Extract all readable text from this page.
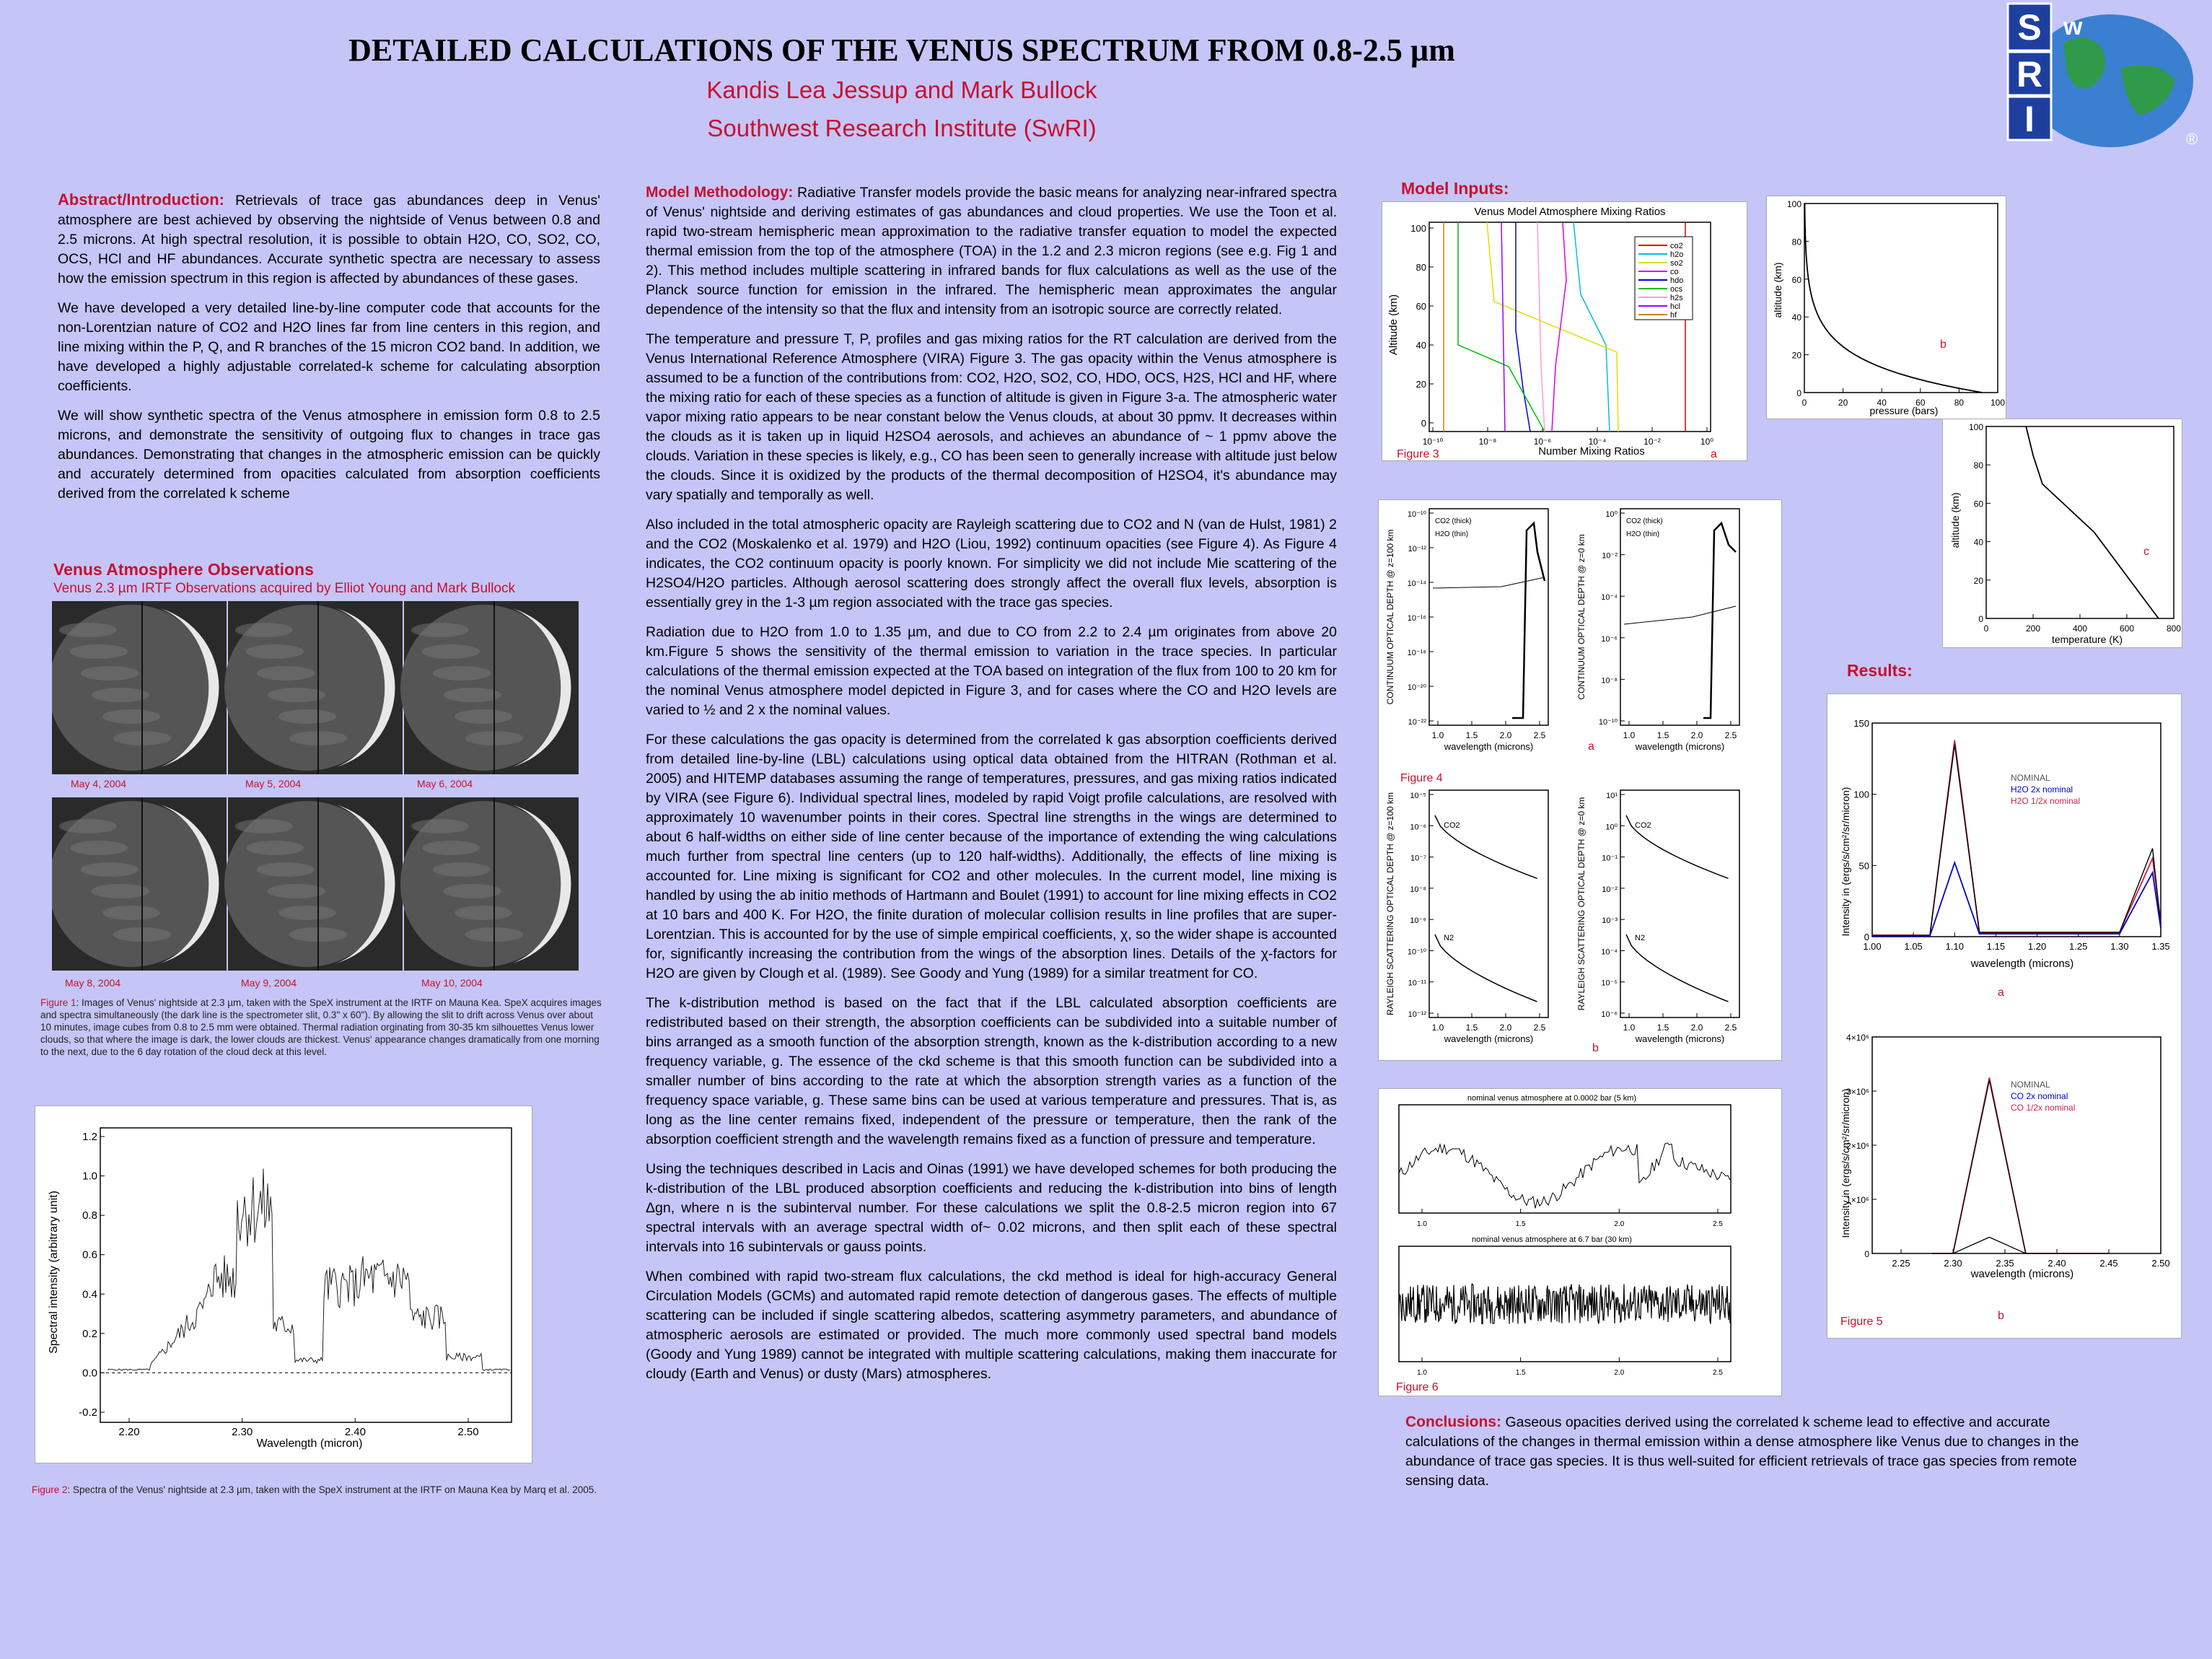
DETAILED CALCULATIONS OF THE VENUS SPECTRUM FROM 0.8-2.5 µm
Kandis Lea Jessup and Mark Bullock
Southwest Research Institute (SwRI)
S
R
I
w
®

Abstract/Introduction: Retrievals of trace gas abundances deep in Venus' atmosphere are best achieved by observing the nightside of Venus between 0.8 and 2.5 microns. At high spectral resolution, it is possible to obtain H2O, CO, SO2, CO, OCS, HCl and HF abundances. Accurate synthetic spectra are necessary to assess how the emission spectrum in this region is affected by abundances of these gases.

We have developed a very detailed line-by-line computer code that accounts for the non-Lorentzian nature of CO2 and H2O lines far from line centers in this region, and line mixing within the P, Q, and R branches of the 15 micron CO2 band. In addition, we have developed a highly adjustable correlated-k scheme for calculating absorption coefficients.

We will show synthetic spectra of the Venus atmosphere in emission form 0.8 to 2.5 microns, and demonstrate the sensitivity of outgoing flux to changes in trace gas abundances. Demonstrating that changes in the atmospheric emission can be quickly and accurately determined from opacities calculated from absorption coefficients derived from the correlated k scheme

Venus Atmosphere Observations
Venus 2.3 µm IRTF Observations acquired by Elliot Young and Mark Bullock
May 4, 2004	May 5, 2004	May 6, 2004
May 8, 2004	May 9, 2004	May 10, 2004
Figure 1: Images of Venus' nightside at 2.3 µm, taken with the SpeX instrument at the IRTF on Mauna Kea. SpeX acquires images and spectra simultaneously (the dark line is the spectrometer slit, 0.3" x 60"). By allowing the slit to drift across Venus over about 10 minutes, image cubes from 0.8 to 2.5 mm were obtained. Thermal radiation orginating from 30-35 km silhouettes Venus lower clouds, so that where the image is dark, the lower clouds are thickest. Venus' appearance changes dramatically from one morning to the next, due to the 6 day rotation of the cloud deck at this level.
Spectral intensity (arbitrary unit)
Wavelength (micron)
1.2
1.0
0.8
0.6
0.4
0.2
0.0
-0.2
2.20	2.30	2.40	2.50
Figure 2: Spectra of the Venus' nightside at 2.3 µm, taken with the SpeX instrument at the IRTF on Mauna Kea by Marq et al. 2005.

Model Methodology: Radiative Transfer models provide the basic means for analyzing near-infrared spectra of Venus' nightside and deriving estimates of gas abundances and cloud properties. We use the Toon et al. rapid two-stream hemispheric mean approximation to the radiative transfer equation to model the expected thermal emission from the top of the atmosphere (TOA) in the 1.2 and 2.3 micron regions (see e.g. Fig 1 and 2). This method includes multiple scattering in infrared bands for flux calculations as well as the use of the Planck source function for emission in the infrared. The hemispheric mean approximates the angular dependence of the intensity so that the flux and intensity from an isotropic source are correctly related.

The temperature and pressure T, P, profiles and gas mixing ratios for the RT calculation are derived from the Venus International Reference Atmosphere (VIRA) Figure 3. The gas opacity within the Venus atmosphere is assumed to be a function of the contributions from: CO2, H2O, SO2, CO, HDO, OCS, H2S, HCl and HF, where the mixing ratio for each of these species as a function of altitude is given in Figure 3-a. The atmospheric water vapor mixing ratio appears to be near constant below the Venus clouds, at about 30 ppmv. It decreases within the clouds as it is taken up in liquid H2SO4 aerosols, and achieves an abundance of ~ 1 ppmv above the clouds. Variation in these species is likely, e.g., CO has been seen to generally increase with altitude just below the clouds. Since it is oxidized by the products of the thermal decomposition of H2SO4, it's abundance may vary spatially and temporally as well.

Also included in the total atmospheric opacity are Rayleigh scattering due to CO2 and N (van de Hulst, 1981) 2 and the CO2 (Moskalenko et al. 1979) and H2O (Liou, 1992) continuum opacities (see Figure 4). As Figure 4 indicates, the CO2 continuum opacity is poorly known. For simplicity we did not include Mie scattering of the H2SO4/H2O particles. Although aerosol scattering does strongly affect the overall flux levels, absorption is essentially grey in the 1-3 µm region associated with the trace gas species.

Radiation due to H2O from 1.0 to 1.35 µm, and due to CO from 2.2 to 2.4 µm originates from above 20 km.Figure 5 shows the sensitivity of the thermal emission to variation in the trace species. In particular calculations of the thermal emission expected at the TOA based on integration of the flux from 100 to 20 km for the nominal Venus atmosphere model depicted in Figure 3, and for cases where the CO and H2O levels are varied to ½ and 2 x the nominal values.

For these calculations the gas opacity is determined from the correlated k gas absorption coefficients derived from detailed line-by-line (LBL) calculations using optical data obtained from the HITRAN (Rothman et al. 2005) and HITEMP databases assuming the range of temperatures, pressures, and gas mixing ratios indicated by VIRA (see Figure 6). Individual spectral lines, modeled by rapid Voigt profile calculations, are resolved with approximately 10 wavenumber points in their cores. Spectral line strengths in the wings are determined to about 6 half-widths on either side of line center because of the importance of extending the wing calculations much further from spectral line centers (up to 120 half-widths). Additionally, the effects of line mixing is accounted for. Line mixing is significant for CO2 and other molecules. In the current model, line mixing is handled by using the ab initio methods of Hartmann and Boulet (1991) to account for line mixing effects in CO2 at 10 bars and 400 K. For H2O, the finite duration of molecular collision results in line profiles that are super-Lorentzian. This is accounted for by the use of simple empirical coefficients, χ, so the wider shape is accounted for, significantly increasing the contribution from the wings of the absorption lines. Details of the χ-factors for H2O are given by Clough et al. (1989). See Goody and Yung (1989) for a similar treatment for CO.

The k-distribution method is based on the fact that if the LBL calculated absorption coefficients are redistributed based on their strength, the absorption coefficients can be subdivided into a suitable number of bins arranged as a smooth function of the absorption strength, known as the k-distribution according to a new frequency variable, g. The essence of the ckd scheme is that this smooth function can be subdivided into a smaller number of bins according to the rate at which the absorption strength varies as a function of the frequency space variable, g. These same bins can be used at various temperature and pressures. That is, as long as the line center remains fixed, independent of the pressure or temperature, then the rank of the absorption coefficient strength and the wavelength remains fixed as a function of pressure and temperature.

Using the techniques described in Lacis and Oinas (1991) we have developed schemes for both producing the k-distribution of the LBL produced absorption coefficients and reducing the k-distribution into bins of length Δgn, where n is the subinterval number. For these calculations we split the 0.8-2.5 micron region into 67 spectral intervals with an average spectral width of~ 0.02 microns, and then split each of these spectral intervals into 16 subintervals or gauss points.

When combined with rapid two-stream flux calculations, the ckd method is ideal for high-accuracy General Circulation Models (GCMs) and automated rapid remote detection of dangerous gases. The effects of multiple scattering can be included if single scattering albedos, scattering asymmetry parameters, and abundance of atmospheric aerosols are estimated or provided. The much more commonly used spectral band models (Goody and Yung 1989) cannot be integrated with multiple scattering calculations, making them inaccurate for cloudy (Earth and Venus) or dusty (Mars) atmospheres.

Model Inputs:
Venus Model Atmosphere Mixing Ratios
Number Mixing Ratios
Altitude (km)
Figure 3	a
100
80
60
40
20
0
10⁻¹⁰	10⁻⁸	10⁻⁶	10⁻⁴	10⁻²	10⁰
co2
h2o
so2
co
hdo
ocs
h2s
hcl
hf	altitude (km)
pressure (bars)
b
100
80
60
40
20
0
0	20	40	60	80	100
altitude (km)
temperature (K)
c
100
80
60
40
20
0
0	200	400	600	800
Figure 4
a
b
10⁻¹⁰
10⁻¹²
10⁻¹⁴
10⁻¹⁶
10⁻¹⁸
10⁻²⁰
10⁻²²
1.0	1.5	2.0	2.5
wavelength (microns)
CONTINUUM OPTICAL DEPTH @ z=100 km
10⁰
10⁻²
10⁻⁴
10⁻⁶
10⁻⁸
10⁻¹⁰
1.0	1.5	2.0	2.5
wavelength (microns)
CONTINUUM OPTICAL DEPTH @ z=0 km
10⁻⁵
10⁻⁶
10⁻⁷
10⁻⁸
10⁻⁹
10⁻¹⁰
10⁻¹¹
10⁻¹²
1.0	1.5	2.0	2.5
wavelength (microns)
RAYLEIGH SCATTERING OPTICAL DEPTH @ z=100 km	10¹
10⁰
10⁻¹
10⁻²
10⁻³
10⁻⁴
10⁻⁵
10⁻⁶
1.0	1.5	2.0	2.5
wavelength (microns)
RAYLEIGH SCATTERING OPTICAL DEPTH @ z=0 km
CO2 (thick)
H2O (thin)
CO2 (thick)
H2O (thin)
CO2
N2
CO2
N2
nominal venus atmosphere at 0.0002 bar (5 km)
nominal venus atmosphere at 6.7 bar (30 km)
Figure 6
1.0	1.5	2.0	2.5
1.0	1.5	2.0	2.5
Results:
Intensity in (ergs/s/cm²/sr/micron)
wavelength (microns)
a
Intensity in (ergs/s/cm²/sr/micron)
wavelength (microns)
b
Figure 5
150
100
50
0
1.00 1.05 1.10 1.15 1.20 1.25 1.30 1.35
NOMINAL
H2O 2x nominal
H2O 1/2x nominal
4×10⁶
3×10⁶
2×10⁶
1×10⁶
0
2.25	2.30	2.35	2.40	2.45	2.50
NOMINAL
CO 2x nominal
CO 1/2x nominal
Conclusions: Gaseous opacities derived using the correlated k scheme lead to effective and accurate calculations of the changes in thermal emission within a dense atmosphere like Venus due to changes in the abundance of trace gas species. It is thus well-suited for efficient retrievals of trace gas species from remote sensing data.
